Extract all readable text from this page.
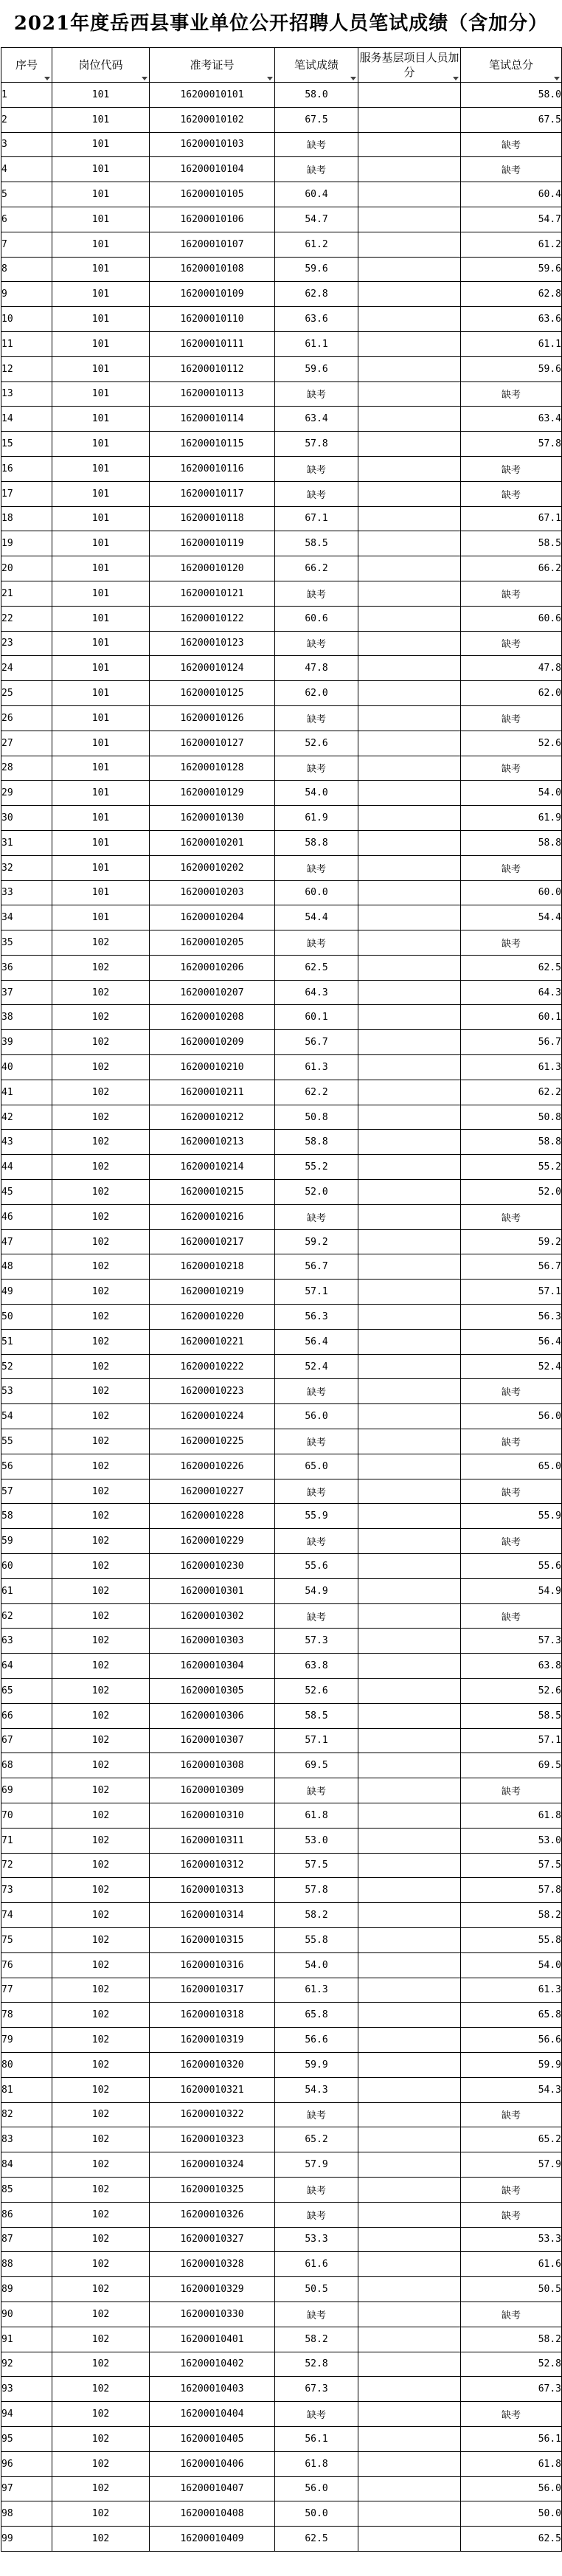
2021年度岳西县事业单位公开招聘人员笔试成绩（含加分）
序号	岗位代码	准考证号	笔试成绩	服务基层项目人员加分	笔试总分

1	101	16200010101	58.0		58.0
2	101	16200010102	67.5		67.5
3	101	16200010103	缺考		缺考
4	101	16200010104	缺考		缺考
5	101	16200010105	60.4		60.4
6	101	16200010106	54.7		54.7
7	101	16200010107	61.2		61.2
8	101	16200010108	59.6		59.6
9	101	16200010109	62.8		62.8
10	101	16200010110	63.6		63.6
11	101	16200010111	61.1		61.1
12	101	16200010112	59.6		59.6
13	101	16200010113	缺考		缺考
14	101	16200010114	63.4		63.4
15	101	16200010115	57.8		57.8
16	101	16200010116	缺考		缺考
17	101	16200010117	缺考		缺考
18	101	16200010118	67.1		67.1
19	101	16200010119	58.5		58.5
20	101	16200010120	66.2		66.2
21	101	16200010121	缺考		缺考
22	101	16200010122	60.6		60.6
23	101	16200010123	缺考		缺考
24	101	16200010124	47.8		47.8
25	101	16200010125	62.0		62.0
26	101	16200010126	缺考		缺考
27	101	16200010127	52.6		52.6
28	101	16200010128	缺考		缺考
29	101	16200010129	54.0		54.0
30	101	16200010130	61.9		61.9
31	101	16200010201	58.8		58.8
32	101	16200010202	缺考		缺考
33	101	16200010203	60.0		60.0
34	101	16200010204	54.4		54.4
35	102	16200010205	缺考		缺考
36	102	16200010206	62.5		62.5
37	102	16200010207	64.3		64.3
38	102	16200010208	60.1		60.1
39	102	16200010209	56.7		56.7
40	102	16200010210	61.3		61.3
41	102	16200010211	62.2		62.2
42	102	16200010212	50.8		50.8
43	102	16200010213	58.8		58.8
44	102	16200010214	55.2		55.2
45	102	16200010215	52.0		52.0
46	102	16200010216	缺考		缺考
47	102	16200010217	59.2		59.2
48	102	16200010218	56.7		56.7
49	102	16200010219	57.1		57.1
50	102	16200010220	56.3		56.3
51	102	16200010221	56.4		56.4
52	102	16200010222	52.4		52.4
53	102	16200010223	缺考		缺考
54	102	16200010224	56.0		56.0
55	102	16200010225	缺考		缺考
56	102	16200010226	65.0		65.0
57	102	16200010227	缺考		缺考
58	102	16200010228	55.9		55.9
59	102	16200010229	缺考		缺考
60	102	16200010230	55.6		55.6
61	102	16200010301	54.9		54.9
62	102	16200010302	缺考		缺考
63	102	16200010303	57.3		57.3
64	102	16200010304	63.8		63.8
65	102	16200010305	52.6		52.6
66	102	16200010306	58.5		58.5
67	102	16200010307	57.1		57.1
68	102	16200010308	69.5		69.5
69	102	16200010309	缺考		缺考
70	102	16200010310	61.8		61.8
71	102	16200010311	53.0		53.0
72	102	16200010312	57.5		57.5
73	102	16200010313	57.8		57.8
74	102	16200010314	58.2		58.2
75	102	16200010315	55.8		55.8
76	102	16200010316	54.0		54.0
77	102	16200010317	61.3		61.3
78	102	16200010318	65.8		65.8
79	102	16200010319	56.6		56.6
80	102	16200010320	59.9		59.9
81	102	16200010321	54.3		54.3
82	102	16200010322	缺考		缺考
83	102	16200010323	65.2		65.2
84	102	16200010324	57.9		57.9
85	102	16200010325	缺考		缺考
86	102	16200010326	缺考		缺考
87	102	16200010327	53.3		53.3
88	102	16200010328	61.6		61.6
89	102	16200010329	50.5		50.5
90	102	16200010330	缺考		缺考
91	102	16200010401	58.2		58.2
92	102	16200010402	52.8		52.8
93	102	16200010403	67.3		67.3
94	102	16200010404	缺考		缺考
95	102	16200010405	56.1		56.1
96	102	16200010406	61.8		61.8
97	102	16200010407	56.0		56.0
98	102	16200010408	50.0		50.0
99	102	16200010409	62.5		62.5
